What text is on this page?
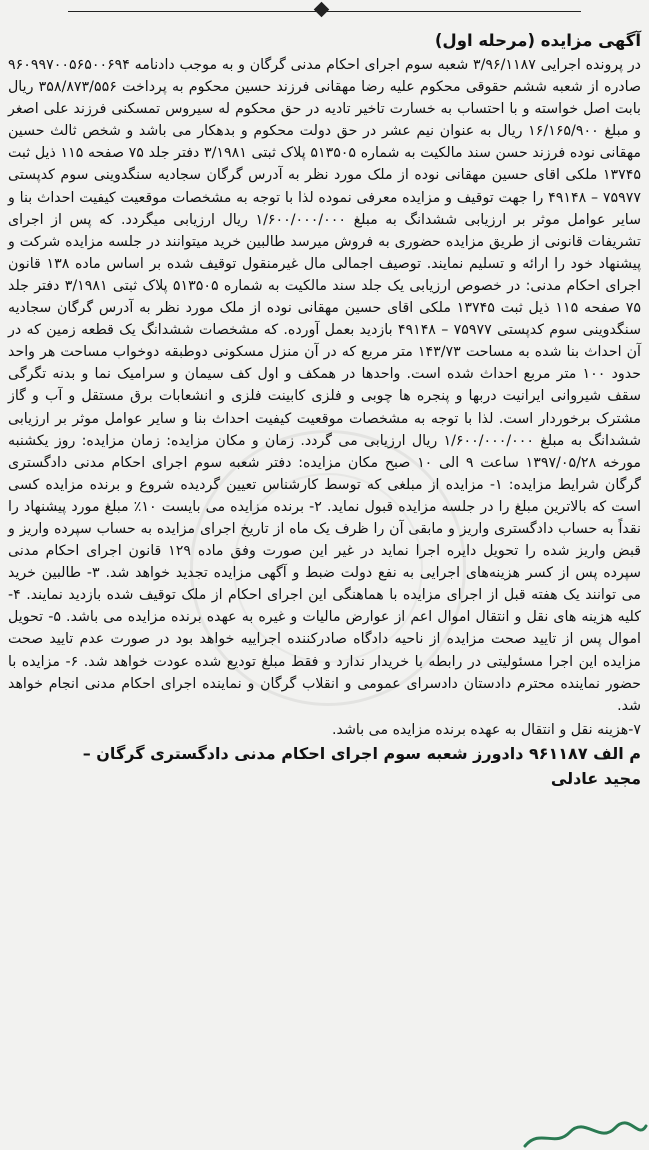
آگهی مزایده (مرحله اول)

در پرونده اجرایی ۳/۹۶/۱۱۸۷ شعبه سوم اجرای احکام مدنی گرگان و به موجب دادنامه ۹۶۰۹۹۷۰۰۵۶۵۰۰۶۹۴ صادره از شعبه ششم حقوقی محکوم علیه رضا مهقانی فرزند حسین محکوم به پرداخت ۳۵۸/۸۷۳/۵۵۶ ریال بابت اصل خواسته و با احتساب به خسارت تاخیر تادیه در حق محکوم له سیروس تمسکنی فرزند علی اصغر و مبلغ ۱۶/۱۶۵/۹۰۰ ریال به عنوان نیم عشر در حق دولت محکوم و بدهکار می باشد و شخص ثالث حسین مهقانی نوده فرزند حسن سند مالکیت به شماره ۵۱۳۵۰۵ پلاک ثبتی ۳/۱۹۸۱ دفتر جلد ۷۵ صفحه ۱۱۵ ذیل ثبت ۱۳۷۴۵ ملکی اقای حسین مهقانی نوده از ملک مورد نظر به آدرس گرگان سجادیه سنگدوینی سوم کدپستی ۷۵۹۷۷ – ۴۹۱۴۸ را جهت توقیف و مزایده معرفی نموده لذا با توجه به مشخصات موقعیت کیفیت احداث بنا و سایر عوامل موثر بر ارزیابی ششدانگ به مبلغ ۱/۶۰۰/۰۰۰/۰۰۰ ریال ارزیابی میگردد. که پس از اجرای تشریفات قانونی از طریق مزایده حضوری به فروش میرسد طالبین خرید میتوانند در جلسه مزایده شرکت و پیشنهاد خود را ارائه و تسلیم نمایند. توصیف اجمالی مال غیرمنقول توقیف شده بر اساس ماده ۱۳۸ قانون اجرای احکام مدنی: در خصوص ارزیابی یک جلد سند مالکیت به شماره ۵۱۳۵۰۵ پلاک ثبتی ۳/۱۹۸۱ دفتر جلد ۷۵ صفحه ۱۱۵ ذیل ثبت ۱۳۷۴۵ ملکی اقای حسین مهقانی نوده از ملک مورد نظر به آدرس گرگان سجادیه سنگدوینی سوم کدپستی ۷۵۹۷۷ – ۴۹۱۴۸ بازدید بعمل آورده. که مشخصات ششدانگ یک قطعه زمین که در آن احداث بنا شده به مساحت ۱۴۳/۷۳ متر مربع که در آن منزل مسکونی دوطبقه دوخواب مساحت هر واحد حدود ۱۰۰ متر مربع احداث شده است. واحدها در همکف و اول کف سیمان و سرامیک نما و بدنه تگرگی سقف شیروانی ایرانیت دربها و پنجره ها چوبی و فلزی کابینت فلزی و انشعابات برق مستقل و آب و گاز مشترک برخوردار است. لذا با توجه به مشخصات موقعیت کیفیت احداث بنا و سایر عوامل موثر بر ارزیابی ششدانگ به مبلغ ۱/۶۰۰/۰۰۰/۰۰۰ ریال ارزیابی می گردد. زمان و مکان مزایده: زمان مزایده: روز یکشنبه مورخه ۱۳۹۷/۰۵/۲۸ ساعت ۹ الی ۱۰ صبح مکان مزایده: دفتر شعبه سوم اجرای احکام مدنی دادگستری گرگان شرایط مزایده: ۱- مزایده از مبلغی که توسط کارشناس تعیین گردیده شروع و برنده مزایده کسی است که بالاترین مبلغ را در جلسه مزایده قبول نماید. ۲- برنده مزایده می بایست ۱۰٪ مبلغ مورد پیشنهاد را نقداً به حساب دادگستری واریز و مابقی آن را ظرف یک ماه از تاریخ اجرای مزایده به حساب سپرده واریز و قبض واریز شده را تحویل دایره اجرا نماید در غیر این صورت وفق ماده ۱۲۹ قانون اجرای احکام مدنی سپرده پس از کسر هزینه‌های اجرایی به نفع دولت ضبط و آگهی مزایده تجدید خواهد شد. ۳- طالبین خرید می توانند یک هفته قبل از اجرای مزایده با هماهنگی این اجرای احکام از ملک توقیف شده بازدید نمایند. ۴- کلیه هزینه های نقل و انتقال اموال اعم از عوارض مالیات و غیره به عهده برنده مزایده می باشد. ۵- تحویل اموال پس از تایید صحت مزایده از ناحیه دادگاه صادرکننده اجراییه خواهد بود در صورت عدم تایید صحت مزایده این اجرا مسئولیتی در رابطه با خریدار ندارد و فقط مبلغ تودیع شده عودت خواهد شد. ۶- مزایده با حضور نماینده محترم دادستان دادسرای عمومی و انقلاب گرگان و نماینده اجرای احکام مدنی انجام خواهد شد.

۷-هزینه نقل و انتقال به عهده برنده مزایده می باشد.

م الف ۹۶۱۱۸۷ دادورز شعبه سوم اجرای احکام مدنی دادگستری گرگان –

مجید عادلی
